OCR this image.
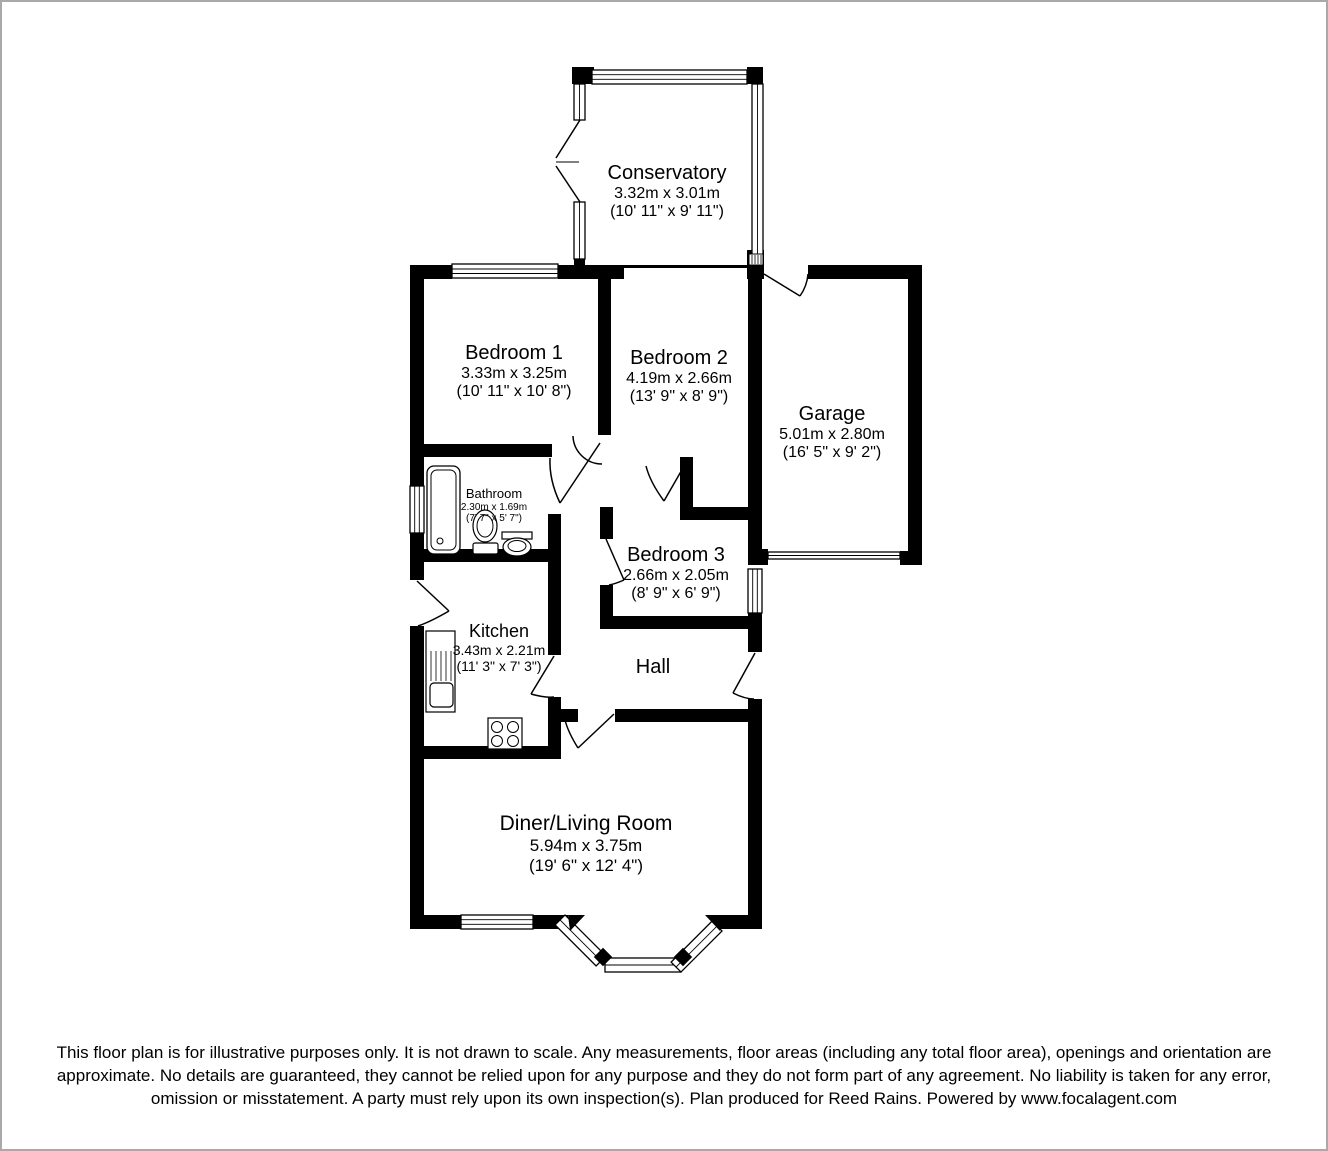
Conservatory
3.32m x 3.01m
(10' 11" x 9' 11")
Bedroom 1
3.33m x 3.25m
(10' 11" x 10' 8")
Bedroom 2
4.19m x 2.66m
(13' 9" x 8' 9")
Garage
5.01m x 2.80m
(16' 5" x 9' 2")
Bathroom
2.30m x 1.69m
(7' 7" x 5' 7")
Bedroom 3
2.66m x 2.05m
(8' 9" x 6' 9")
Kitchen
3.43m x 2.21m
(11' 3" x 7' 3")	Hall
Diner/Living Room
5.94m x 3.75m
(19' 6" x 12' 4")
This floor plan is for illustrative purposes only. It is not drawn to scale. Any measurements, floor areas (including any total floor area), openings and orientation are approximate. No details are guaranteed, they cannot be relied upon for any purpose and they do not form part of any agreement. No liability is taken for any error, omission or misstatement. A party must rely upon its own inspection(s). Plan produced for Reed Rains. Powered by www.focalagent.com
